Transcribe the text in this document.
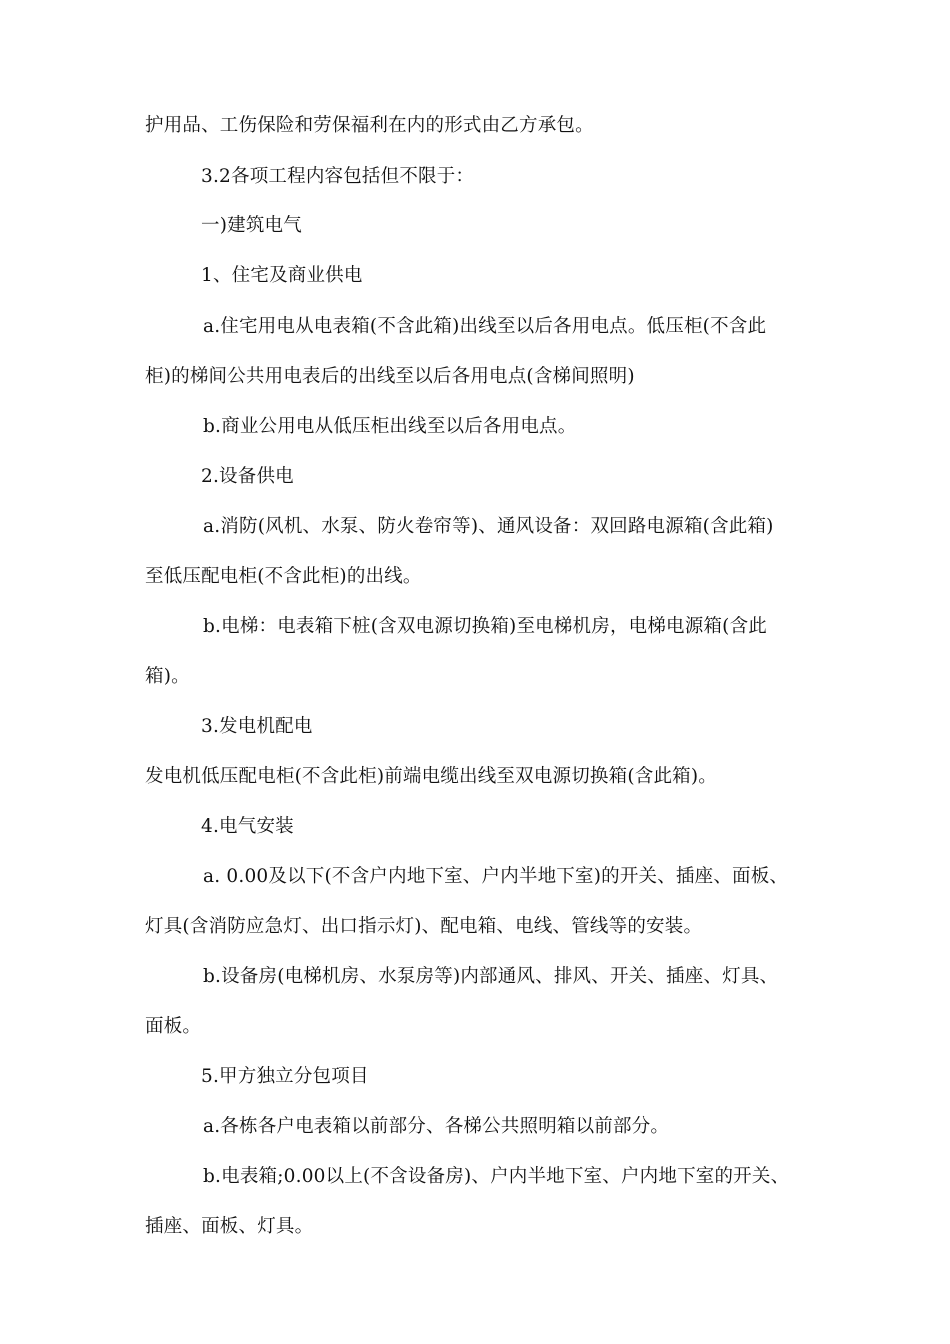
护用品、工伤保险和劳保福利在内的形式由乙方承包。
3.2各项工程内容包括但不限于：
一)建筑电气
1、住宅及商业供电
a.住宅用电从电表箱(不含此箱)出线至以后各用电点。低压柜(不含此
柜)的梯间公共用电表后的出线至以后各用电点(含梯间照明)
b.商业公用电从低压柜出线至以后各用电点。
2.设备供电
a.消防(风机、水泵、防火卷帘等)、通风设备：双回路电源箱(含此箱)
至低压配电柜(不含此柜)的出线。
b.电梯：电表箱下桩(含双电源切换箱)至电梯机房，电梯电源箱(含此
箱)。
3.发电机配电
发电机低压配电柜(不含此柜)前端电缆出线至双电源切换箱(含此箱)。
4.电气安装
a. 0.00及以下(不含户内地下室、户内半地下室)的开关、插座、面板、
灯具(含消防应急灯、出口指示灯)、配电箱、电线、管线等的安装。
b.设备房(电梯机房、水泵房等)内部通风、排风、开关、插座、灯具、
面板。
5.甲方独立分包项目
a.各栋各户电表箱以前部分、各梯公共照明箱以前部分。
b.电表箱;0.00以上(不含设备房)、户内半地下室、户内地下室的开关、
插座、面板、灯具。
